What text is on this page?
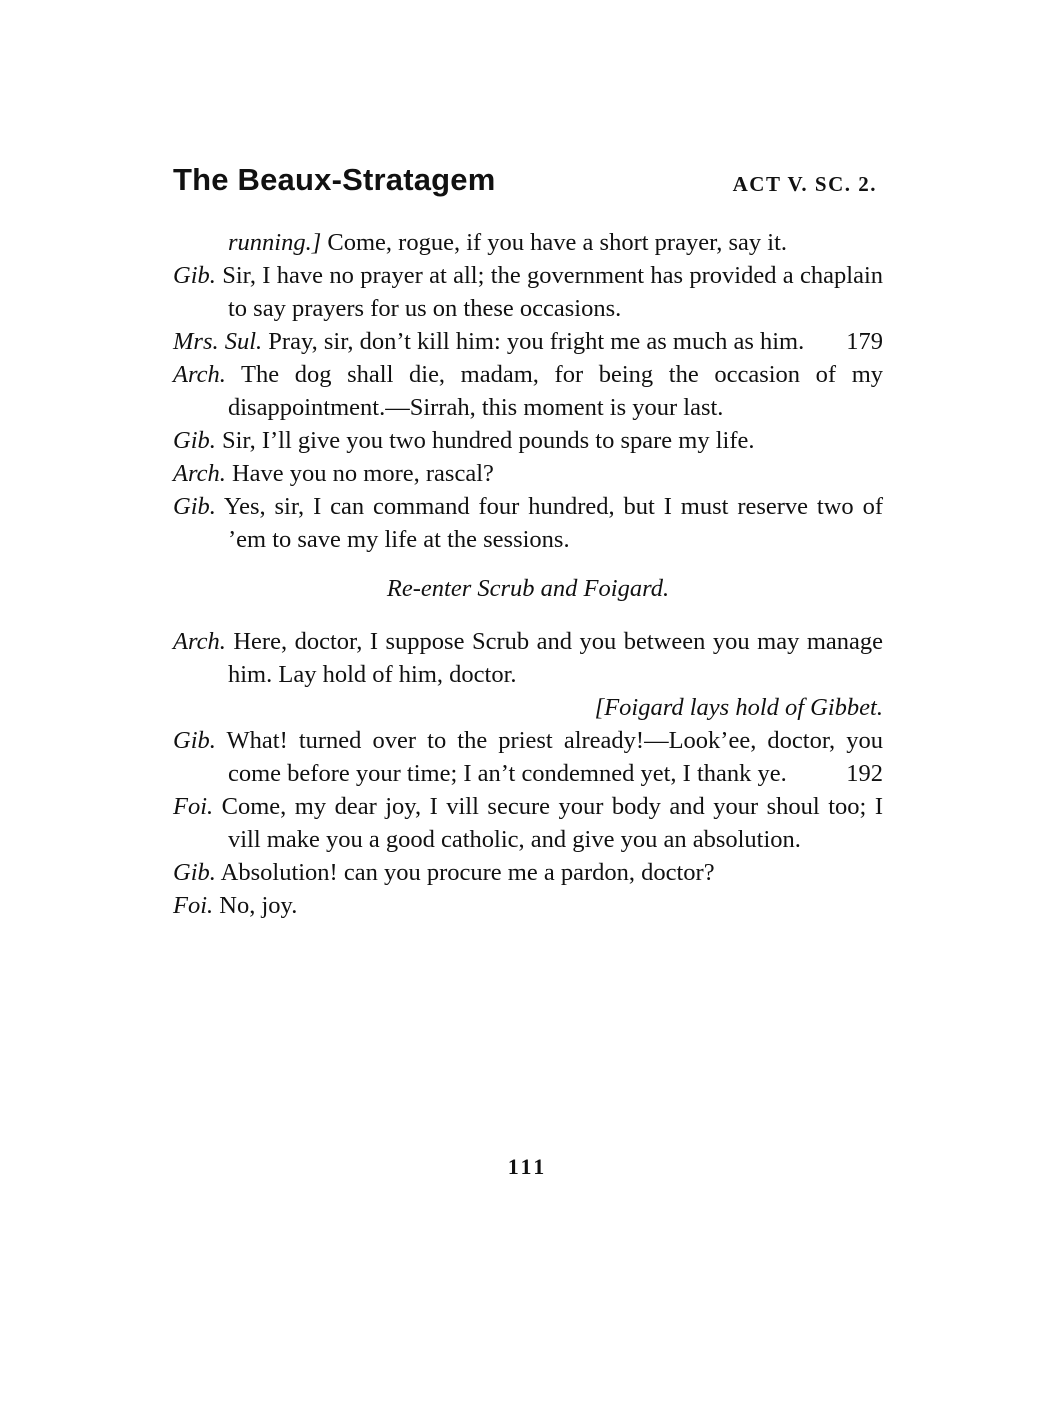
The Beaux-Stratagem	ACT V. SC. 2.

running.] Come, rogue, if you have a short prayer, say it.

Gib. Sir, I have no prayer at all; the government has provided a chaplain to say prayers for us on these occasions.

Mrs. Sul. Pray, sir, don’t kill him: you fright me as much as him. 179

Arch. The dog shall die, madam, for being the occasion of my disappointment.—Sirrah, this moment is your last.

Gib. Sir, I’ll give you two hundred pounds to spare my life.

Arch. Have you no more, rascal?

Gib. Yes, sir, I can command four hundred, but I must reserve two of ’em to save my life at the sessions.

Re-enter Scrub and Foigard.

Arch. Here, doctor, I suppose Scrub and you between you may manage him. Lay hold of him, doctor.

[Foigard lays hold of Gibbet.

Gib. What! turned over to the priest already!—Look’ee, doctor, you come before your time; I an’t condemned yet, I thank ye. 192

Foi. Come, my dear joy, I vill secure your body and your shoul too; I vill make you a good catholic, and give you an absolution.

Gib. Absolution! can you procure me a pardon, doctor?

Foi. No, joy.

111
